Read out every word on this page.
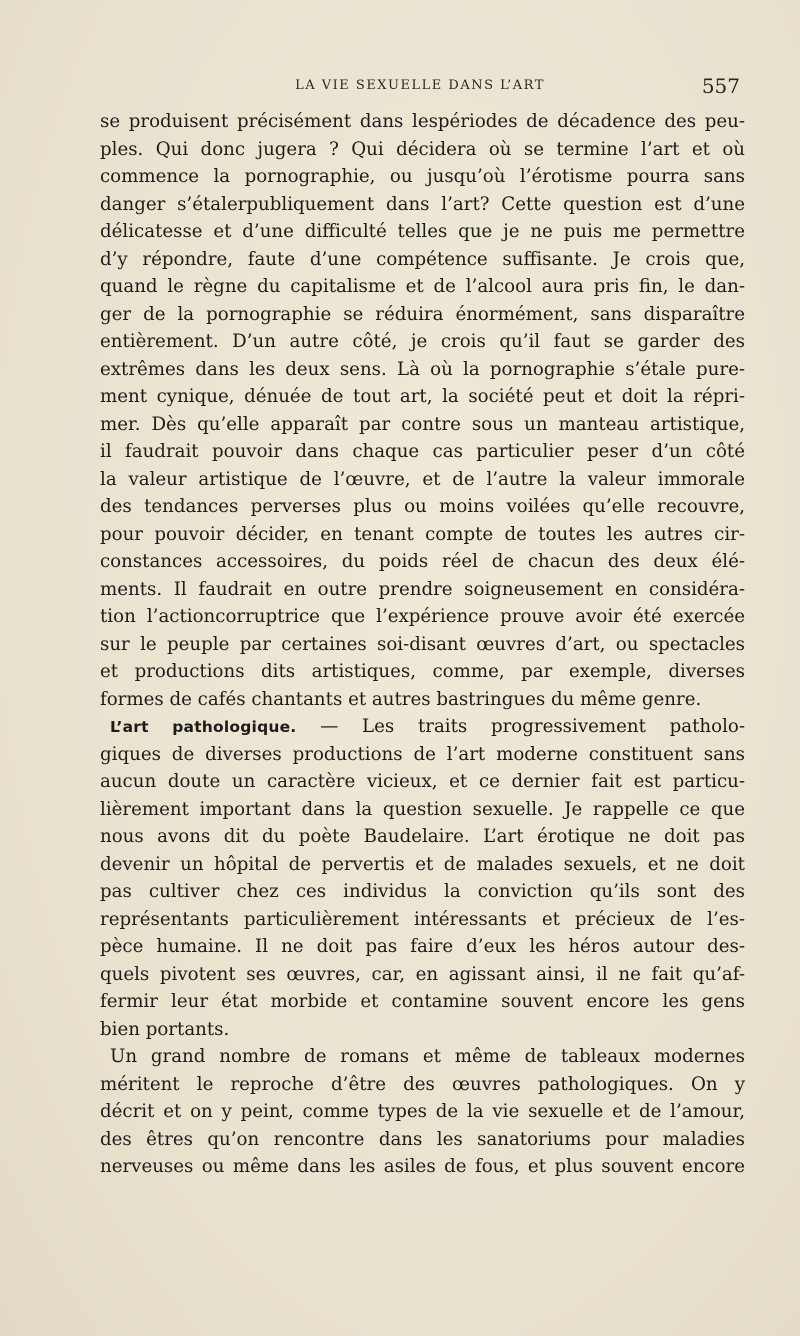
LA VIE SEXUELLE DANS L’ART	557
se produisent précisément dans lespériodes de décadence des peu-
ples. Qui donc jugera ? Qui décidera où se termine l’art et où
commence la pornographie, ou jusqu’où l’érotisme pourra sans
danger s’étalerpubliquement dans l’art? Cette question est d’une
délicatesse et d’une difficulté telles que je ne puis me permettre
d’y répondre, faute d’une compétence suffisante. Je crois que,
quand le règne du capitalisme et de l’alcool aura pris fin, le dan-
ger de la pornographie se réduira énormément, sans disparaître
entièrement. D’un autre côté, je crois qu’il faut se garder des
extrêmes dans les deux sens. Là où la pornographie s’étale pure-
ment cynique, dénuée de tout art, la société peut et doit la répri-
mer. Dès qu’elle apparaît par contre sous un manteau artistique,
il faudrait pouvoir dans chaque cas particulier peser d’un côté
la valeur artistique de l’œuvre, et de l’autre la valeur immorale
des tendances perverses plus ou moins voilées qu’elle recouvre,
pour pouvoir décider, en tenant compte de toutes les autres cir-
constances accessoires, du poids réel de chacun des deux élé-
ments. Il faudrait en outre prendre soigneusement en considéra-
tion l’actioncorruptrice que l’expérience prouve avoir été exercée
sur le peuple par certaines soi-disant œuvres d’art, ou spectacles
et productions dits artistiques, comme, par exemple, diverses
formes de cafés chantants et autres bastringues du même genre.
L’art pathologique. — Les traits progressivement patholo-
giques de diverses productions de l’art moderne constituent sans
aucun doute un caractère vicieux, et ce dernier fait est particu-
lièrement important dans la question sexuelle. Je rappelle ce que
nous avons dit du poète Baudelaire. L’art érotique ne doit pas
devenir un hôpital de pervertis et de malades sexuels, et ne doit
pas cultiver chez ces individus la conviction qu’ils sont des
représentants particulièrement intéressants et précieux de l’es-
pèce humaine. Il ne doit pas faire d’eux les héros autour des-
quels pivotent ses œuvres, car, en agissant ainsi, il ne fait qu’af-
fermir leur état morbide et contamine souvent encore les gens
bien portants.
Un grand nombre de romans et même de tableaux modernes
méritent le reproche d’être des œuvres pathologiques. On y
décrit et on y peint, comme types de la vie sexuelle et de l’amour,
des êtres qu’on rencontre dans les sanatoriums pour maladies
nerveuses ou même dans les asiles de fous, et plus souvent encore
